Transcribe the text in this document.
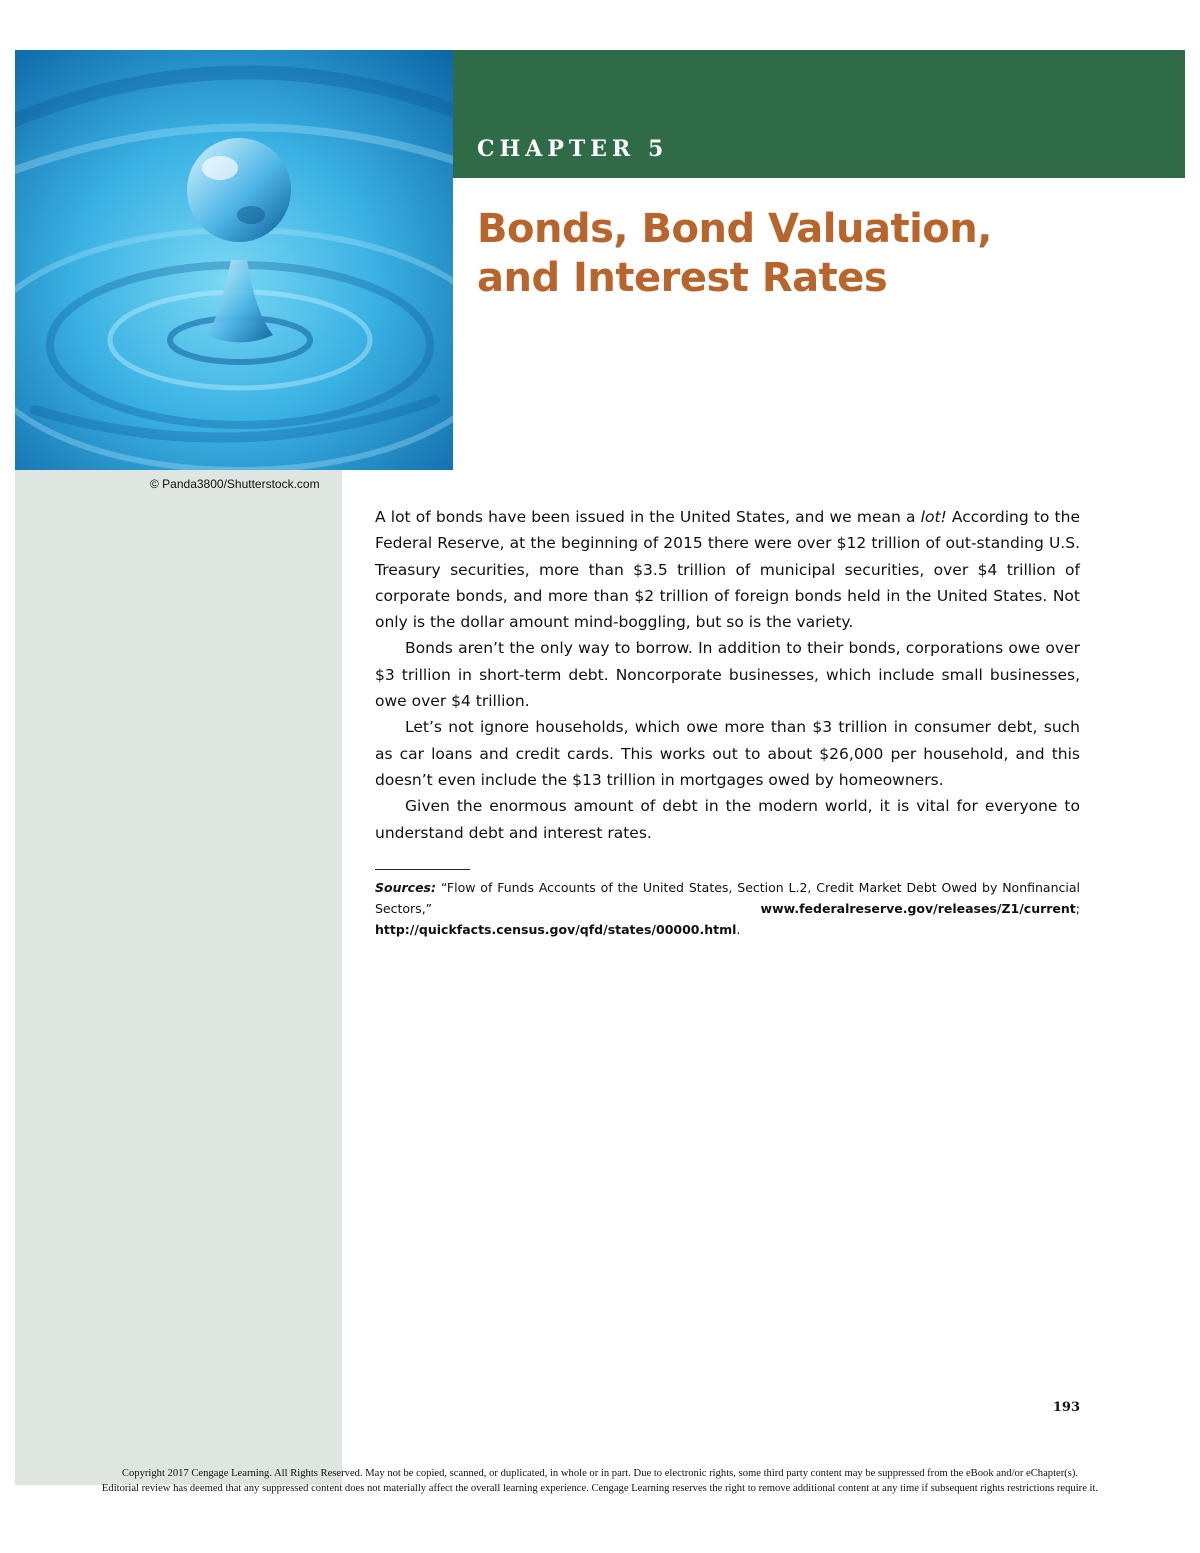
CHAPTER 5
Bonds, Bond Valuation,
and Interest Rates
© Panda3800/Shutterstock.com

A lot of bonds have been issued in the United States, and we mean a lot! According to the Federal Reserve, at the beginning of 2015 there were over $12 trillion of out-standing U.S. Treasury securities, more than $3.5 trillion of municipal securities, over $4 trillion of corporate bonds, and more than $2 trillion of foreign bonds held in the United States. Not only is the dollar amount mind-boggling, but so is the variety.

Bonds aren’t the only way to borrow. In addition to their bonds, corporations owe over $3 trillion in short-term debt. Noncorporate businesses, which include small businesses, owe over $4 trillion.

Let’s not ignore households, which owe more than $3 trillion in consumer debt, such as car loans and credit cards. This works out to about $26,000 per household, and this doesn’t even include the $13 trillion in mortgages owed by homeowners.

Given the enormous amount of debt in the modern world, it is vital for everyone to understand debt and interest rates.

Sources: “Flow of Funds Accounts of the United States, Section L.2, Credit Market Debt Owed by Nonfinancial Sectors,” www.federalreserve.gov/releases/Z1/current; http://quickfacts.census.gov/qfd/states/00000.html.
193
Copyright 2017 Cengage Learning. All Rights Reserved. May not be copied, scanned, or duplicated, in whole or in part. Due to electronic rights, some third party content may be suppressed from the eBook and/or eChapter(s).
Editorial review has deemed that any suppressed content does not materially affect the overall learning experience. Cengage Learning reserves the right to remove additional content at any time if subsequent rights restrictions require it.
